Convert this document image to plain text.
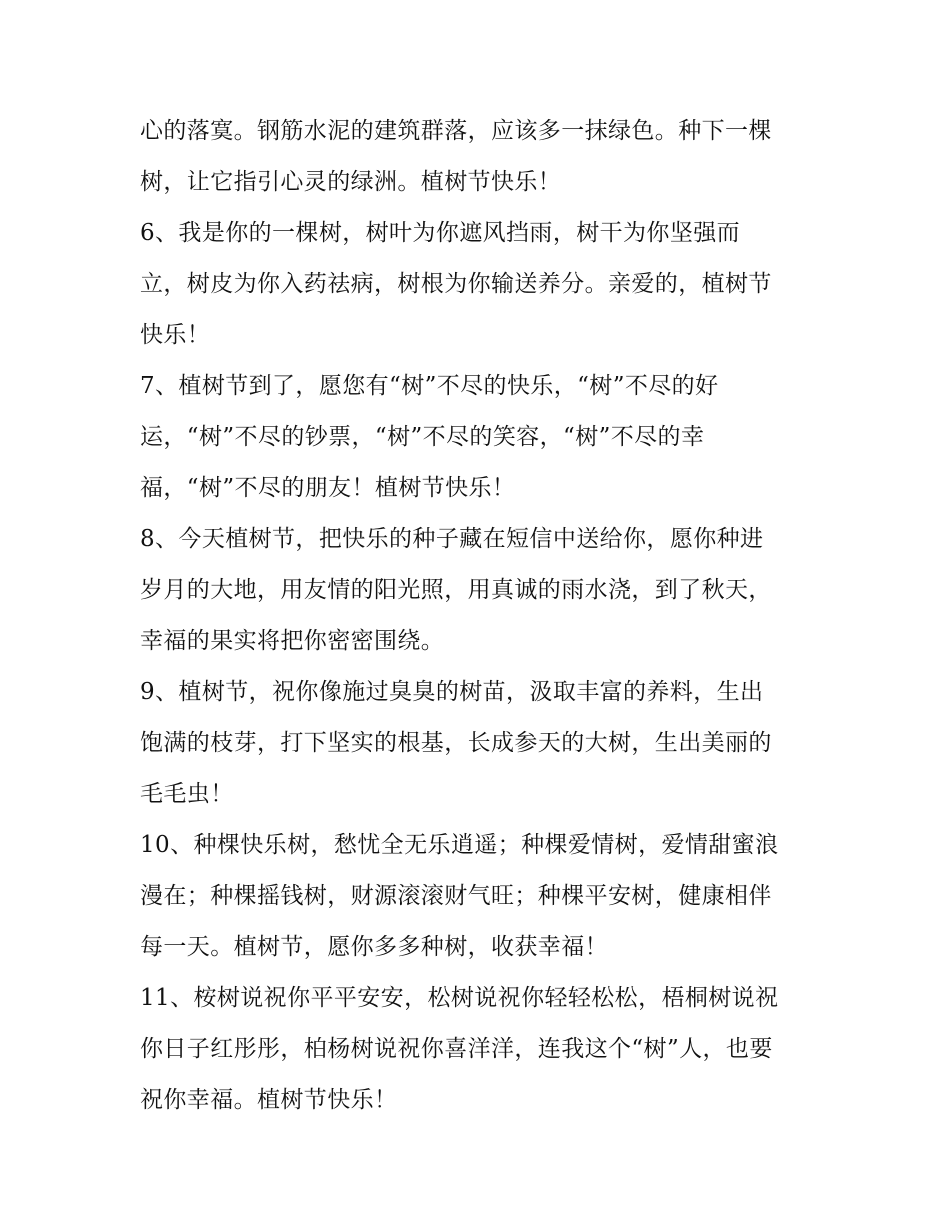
心的落寞。钢筋水泥的建筑群落，应该多一抹绿色。种下一棵
树，让它指引心灵的绿洲。植树节快乐！
6、我是你的一棵树，树叶为你遮风挡雨，树干为你坚强而
立，树皮为你入药祛病，树根为你输送养分。亲爱的，植树节
快乐！
7、植树节到了，愿您有“树”不尽的快乐，“树”不尽的好
运，“树”不尽的钞票，“树”不尽的笑容，“树”不尽的幸
福，“树”不尽的朋友！植树节快乐！
8、今天植树节，把快乐的种子藏在短信中送给你，愿你种进
岁月的大地，用友情的阳光照，用真诚的雨水浇，到了秋天，
幸福的果实将把你密密围绕。
9、植树节，祝你像施过臭臭的树苗，汲取丰富的养料，生出
饱满的枝芽，打下坚实的根基，长成参天的大树，生出美丽的
毛毛虫！
10、种棵快乐树，愁忧全无乐逍遥；种棵爱情树，爱情甜蜜浪
漫在；种棵摇钱树，财源滚滚财气旺；种棵平安树，健康相伴
每一天。植树节，愿你多多种树，收获幸福！
11、桉树说祝你平平安安，松树说祝你轻轻松松，梧桐树说祝
你日子红彤彤，柏杨树说祝你喜洋洋，连我这个“树”人，也要
祝你幸福。植树节快乐！
